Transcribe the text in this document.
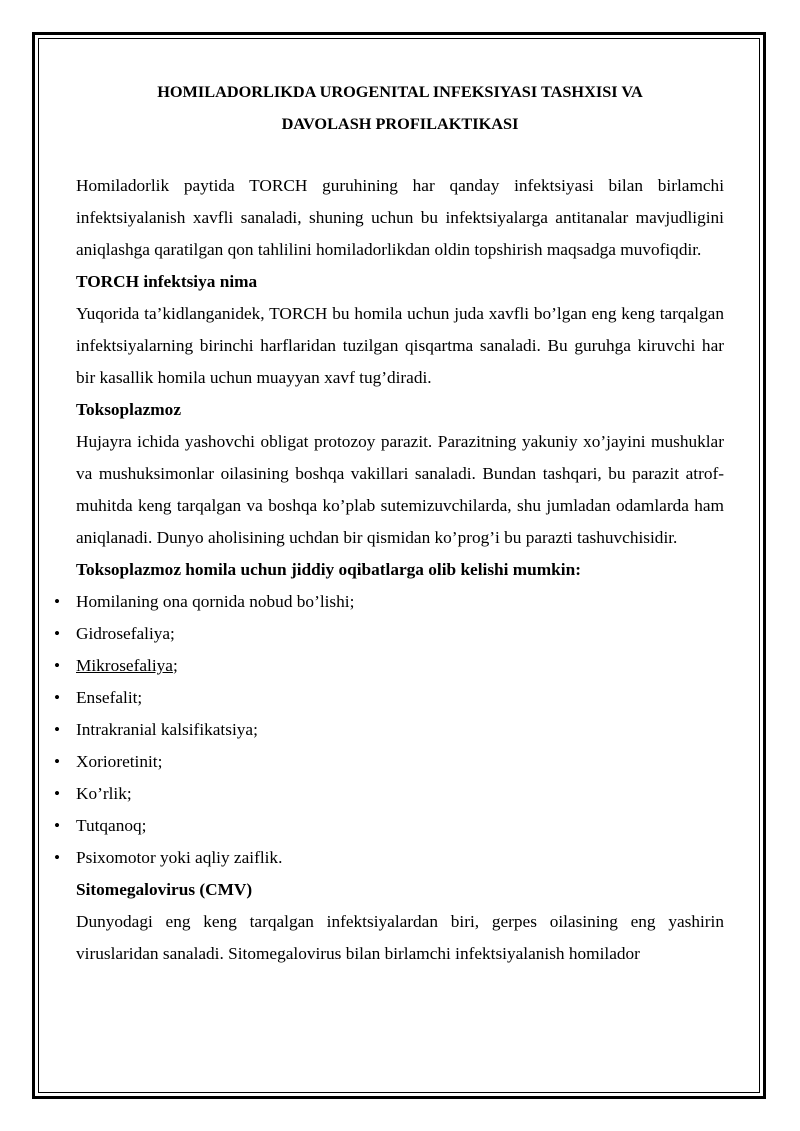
HOMILADORLIKDA UROGENITAL INFEKSIYASI TASHXISI VA
DAVOLASH PROFILAKTIKASI

Homiladorlik paytida TORCH guruhining har qanday infektsiyasi bilan birlamchi infektsiyalanish xavfli sanaladi, shuning uchun bu infektsiyalarga antitanalar mavjudligini aniqlashga qaratilgan qon tahlilini homiladorlikdan oldin topshirish maqsadga muvofiqdir.

TORCH infektsiya nima

Yuqorida ta’kidlanganidek, TORCH bu homila uchun juda xavfli bo’lgan eng keng tarqalgan infektsiyalarning birinchi harflaridan tuzilgan qisqartma sanaladi. Bu guruhga kiruvchi har bir kasallik homila uchun muayyan xavf tug’diradi.

Toksoplazmoz

Hujayra ichida yashovchi obligat protozoy parazit. Parazitning yakuniy xo’jayini mushuklar va mushuksimonlar oilasining boshqa vakillari sanaladi. Bundan tashqari, bu parazit atrof-muhitda keng tarqalgan va boshqa ko’plab sutemizuvchilarda, shu jumladan odamlarda ham aniqlanadi. Dunyo aholisining uchdan bir qismidan ko’prog’i bu parazti tashuvchisidir.

Toksoplazmoz homila uchun jiddiy oqibatlarga olib kelishi mumkin:

• Homilaning ona qornida nobud bo’lishi;
• Gidrosefaliya;
• Mikrosefaliya;
• Ensefalit;
• Intrakranial kalsifikatsiya;
• Xorioretinit;
• Ko’rlik;
• Tutqanoq;
• Psixomotor yoki aqliy zaiflik.

Sitomegalovirus (CMV)

Dunyodagi eng keng tarqalgan infektsiyalardan biri, gerpes oilasining eng yashirin viruslaridan sanaladi. Sitomegalovirus bilan birlamchi infektsiyalanish homilador
